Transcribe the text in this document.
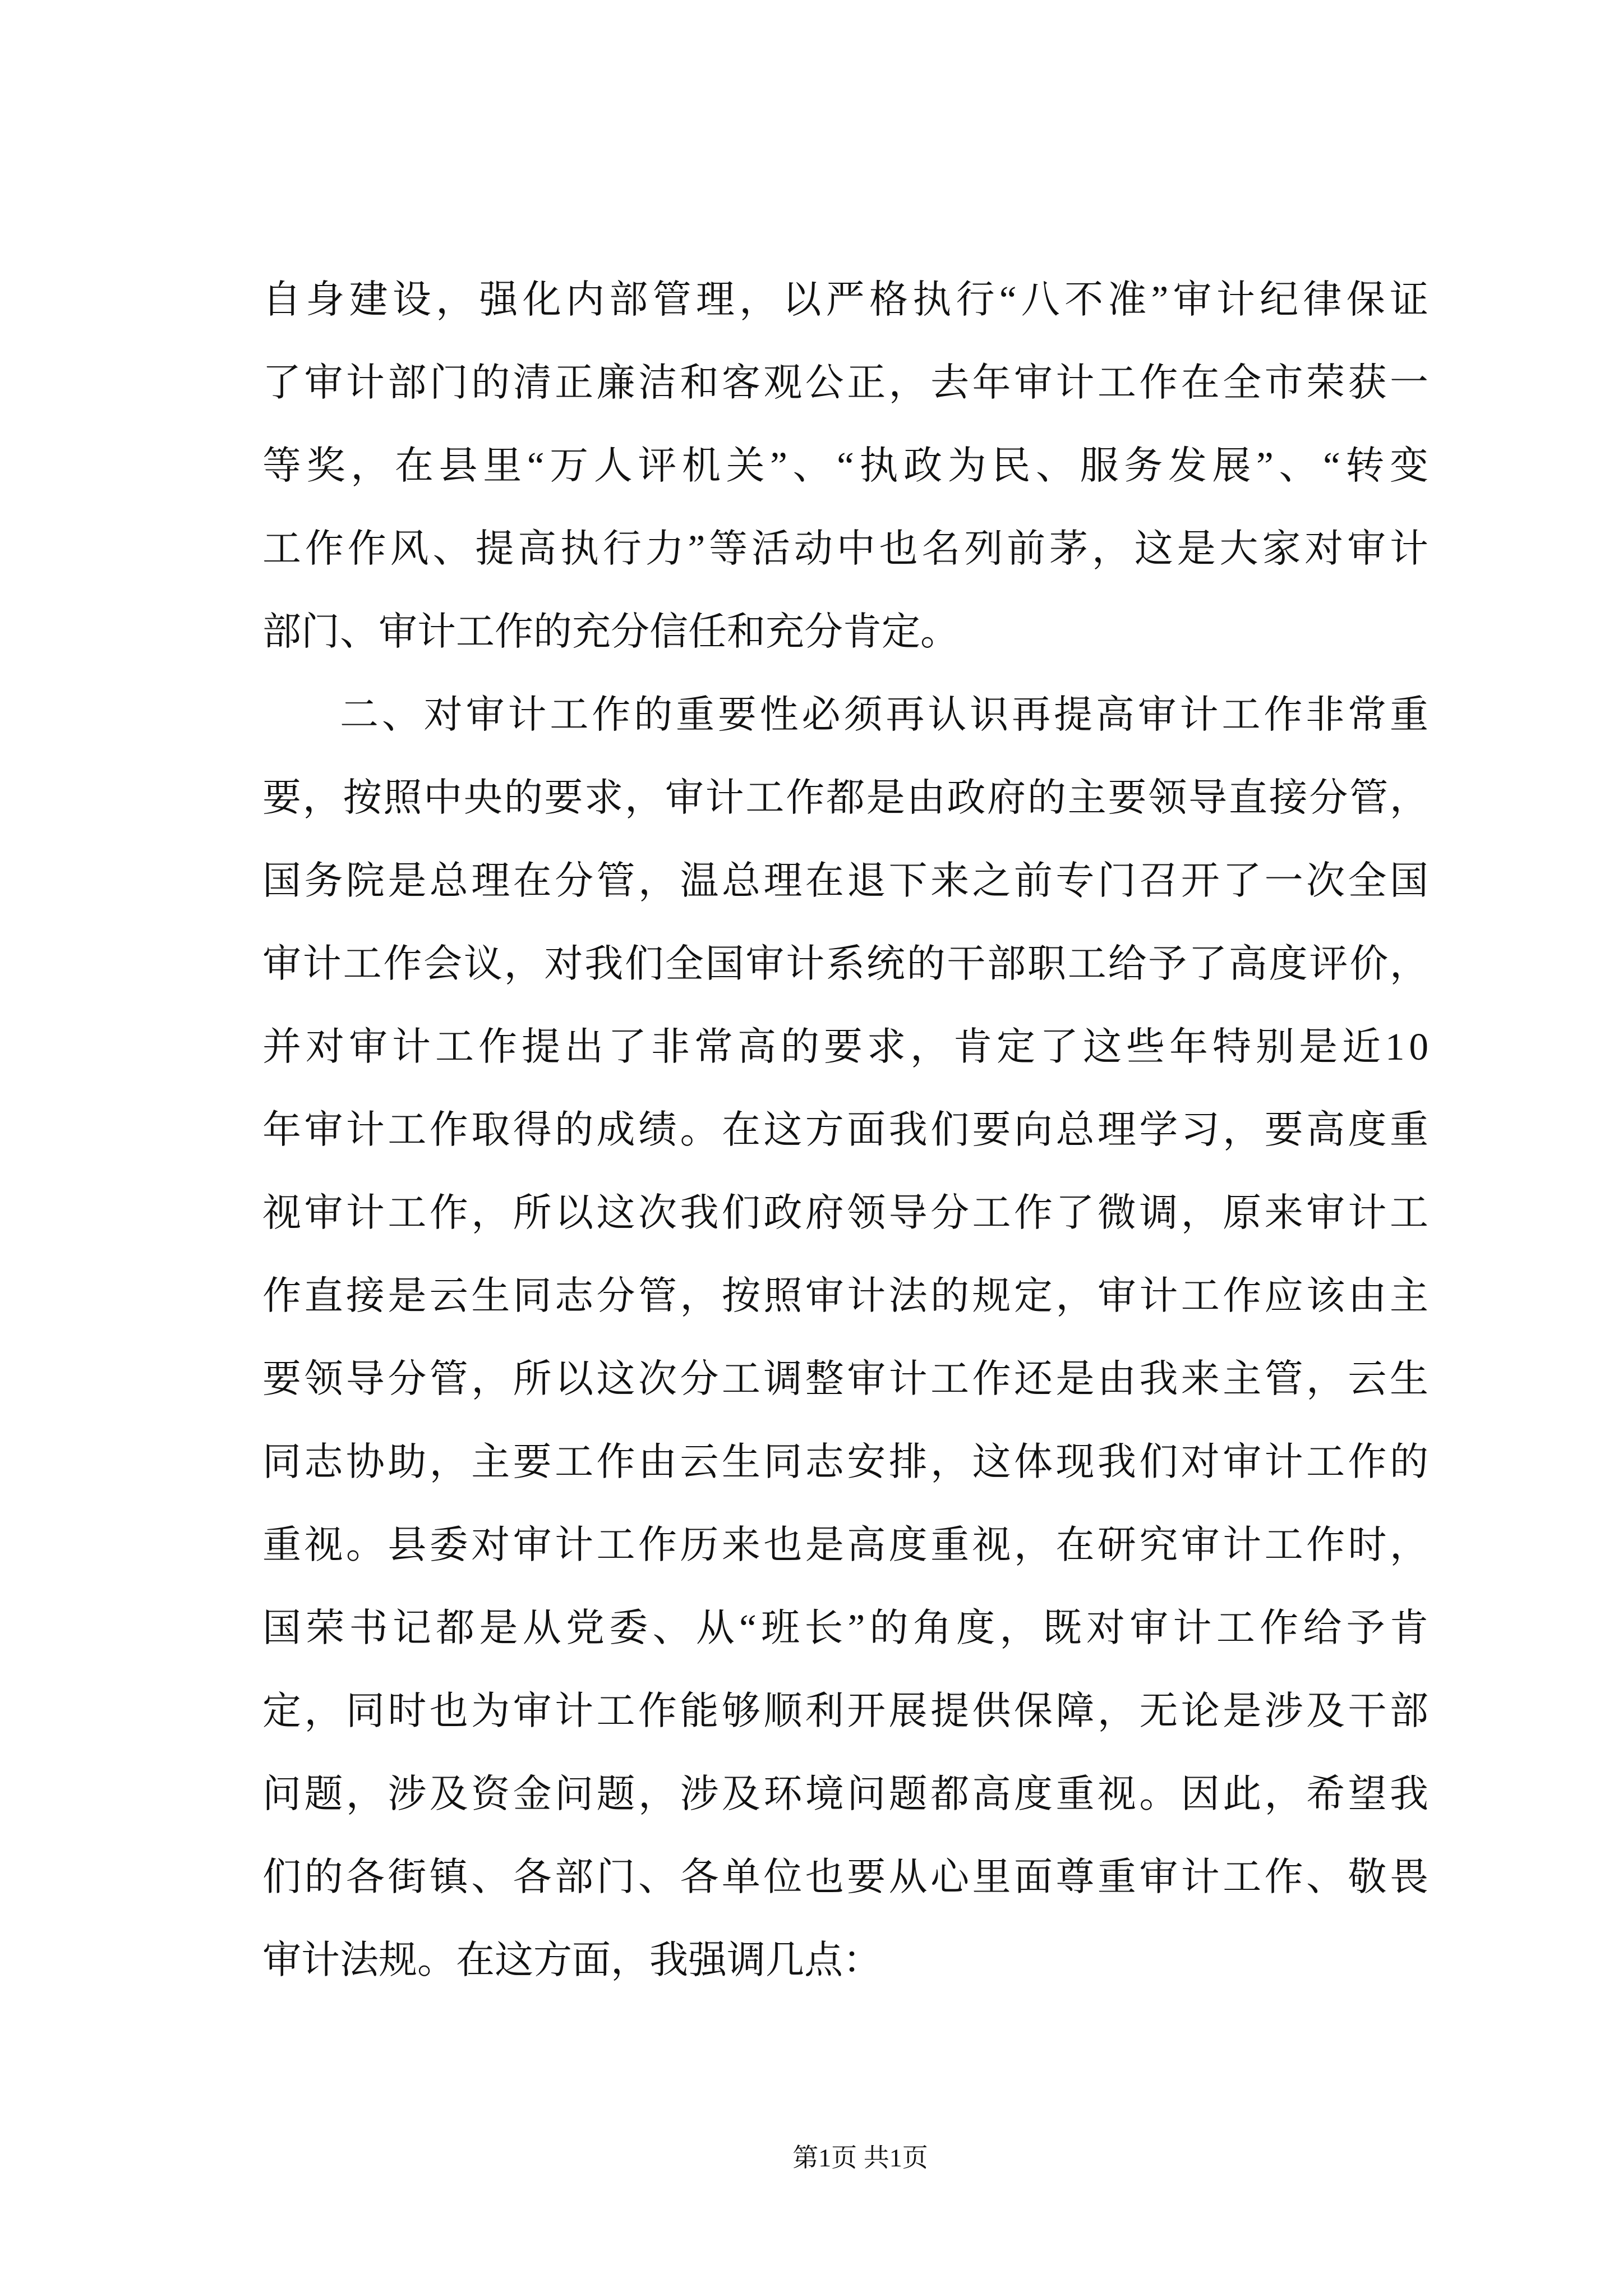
自身建设，强化内部管理，以严格执行“八不准”审计纪律保证
了审计部门的清正廉洁和客观公正，去年审计工作在全市荣获一
等奖，在县里“万人评机关”、“执政为民、服务发展”、“转变
工作作风、提高执行力”等活动中也名列前茅，这是大家对审计
部门、审计工作的充分信任和充分肯定。
二、对审计工作的重要性必须再认识再提高审计工作非常重
要，按照中央的要求，审计工作都是由政府的主要领导直接分管，
国务院是总理在分管，温总理在退下来之前专门召开了一次全国
审计工作会议，对我们全国审计系统的干部职工给予了高度评价，
并对审计工作提出了非常高的要求，肯定了这些年特别是近10
年审计工作取得的成绩。在这方面我们要向总理学习，要高度重
视审计工作，所以这次我们政府领导分工作了微调，原来审计工
作直接是云生同志分管，按照审计法的规定，审计工作应该由主
要领导分管，所以这次分工调整审计工作还是由我来主管，云生
同志协助，主要工作由云生同志安排，这体现我们对审计工作的
重视。县委对审计工作历来也是高度重视，在研究审计工作时，
国荣书记都是从党委、从“班长”的角度，既对审计工作给予肯
定，同时也为审计工作能够顺利开展提供保障，无论是涉及干部
问题，涉及资金问题，涉及环境问题都高度重视。因此，希望我
们的各街镇、各部门、各单位也要从心里面尊重审计工作、敬畏
审计法规。在这方面，我强调几点：
第1页 共1页
